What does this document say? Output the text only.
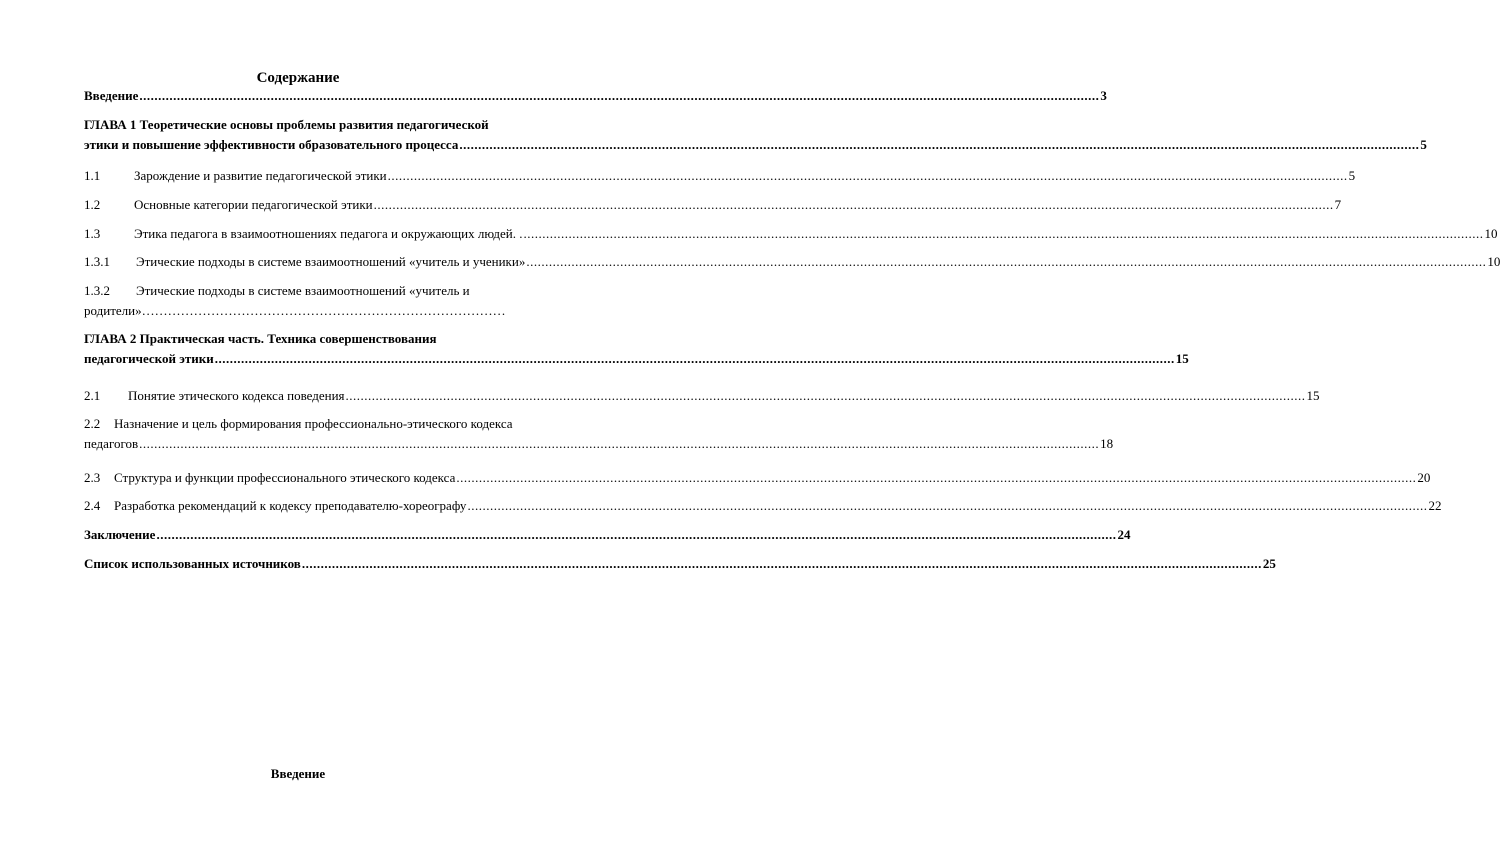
Содержание
Введение .....	3
ГЛАВА 1 Теоретические основы проблемы развития педагогической
этики и повышение эффективности образовательного процесса .....	5
1.1	Зарождение и развитие педагогической этики .....	5
1.2	Основные категории педагогической этики .....	7
1.3	Этика педагога в взаимоотношениях педагога и окружающих людей. . .....	10
1.3.1	Этические подходы в системе взаимоотношений «учитель и ученики» .....	10
1.3.2	Этические подходы в системе взаимоотношений «учитель и
родители»…………………………………………………………………………
ГЛАВА 2 Практическая часть. Техника совершенствования
педагогической этики .....	15
2.1	Понятие этического кодекса поведения .....	15
2.2	Назначение и цель формирования профессионально-этического кодекса
педагогов .....	18
2.3	Структура и функции профессионального этического кодекса .....	20
2.4	Разработка рекомендаций к кодексу преподавателю-хореографу .....	22
Заключение .....	24
Список использованных источников .....	25
Введение
